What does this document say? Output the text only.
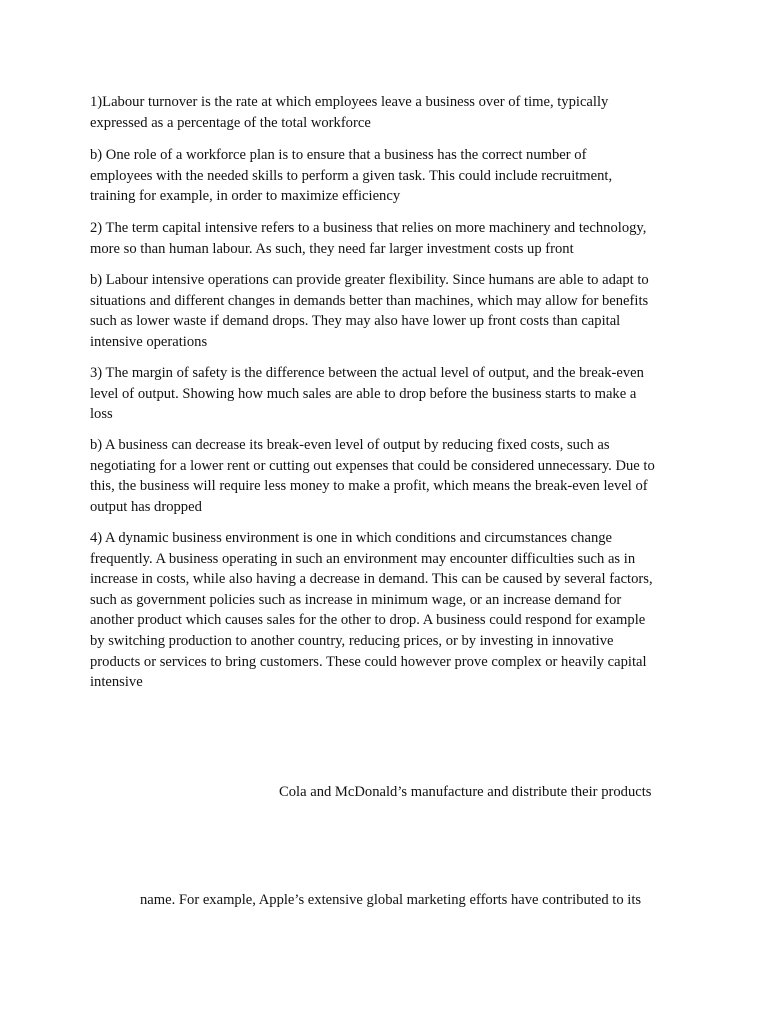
1)Labour turnover is the rate at which employees leave a business over of time, typically
expressed as a percentage of the total workforce

b) One role of a workforce plan is to ensure that a business has the correct number of
employees with the needed skills to perform a given task. This could include recruitment,
training for example, in order to maximize efficiency

2) The term capital intensive refers to a business that relies on more machinery and technology,
more so than human labour. As such, they need far larger investment costs up front

b) Labour intensive operations can provide greater flexibility. Since humans are able to adapt to
situations and different changes in demands better than machines, which may allow for benefits
such as lower waste if demand drops. They may also have lower up front costs than capital
intensive operations

3) The margin of safety is the difference between the actual level of output, and the break-even
level of output. Showing how much sales are able to drop before the business starts to make a
loss

b) A business can decrease its break-even level of output by reducing fixed costs, such as
negotiating for a lower rent or cutting out expenses that could be considered unnecessary. Due to
this, the business will require less money to make a profit, which means the break-even level of
output has dropped

4) A dynamic business environment is one in which conditions and circumstances change
frequently. A business operating in such an environment may encounter difficulties such as in
increase in costs, while also having a decrease in demand. This can be caused by several factors,
such as government policies such as increase in minimum wage, or an increase demand for
another product which causes sales for the other to drop. A business could respond for example
by switching production to another country, reducing prices, or by investing in innovative
products or services to bring customers. These could however prove complex or heavily capital
intensive

Cola and McDonald’s manufacture and distribute their products

name. For example, Apple’s extensive global marketing efforts have contributed to its
